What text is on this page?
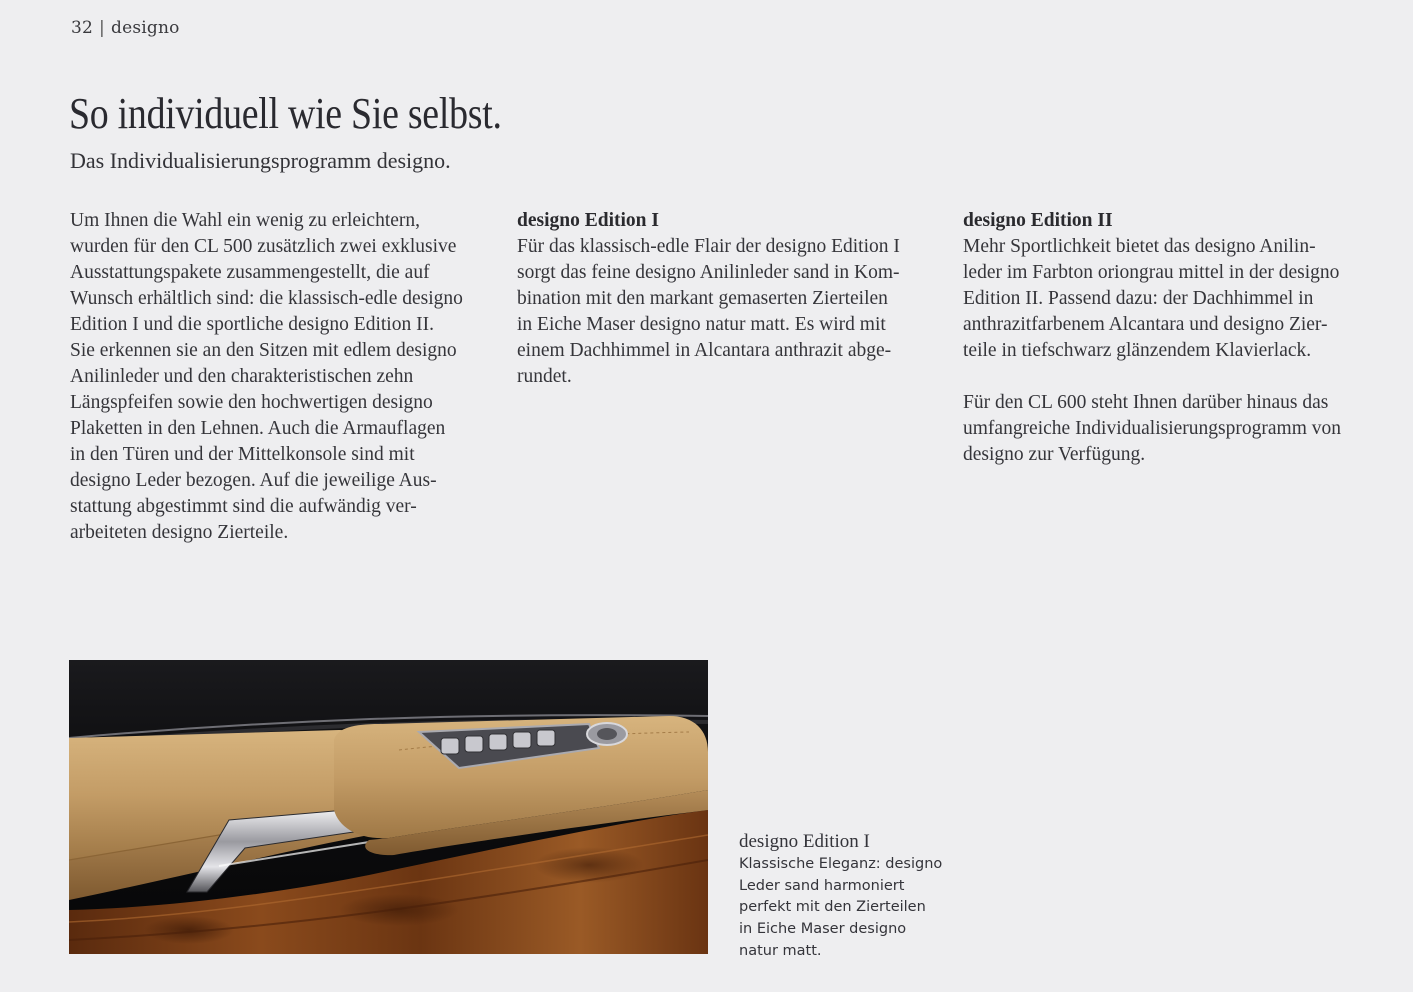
32 | designo
So individuell wie Sie selbst.
Das Individualisierungsprogramm designo.

Um Ihnen die Wahl ein wenig zu erleichtern,

wurden für den CL 500 zusätzlich zwei exklusive

Ausstattungspakete zusammengestellt, die auf

Wunsch erhältlich sind: die klassisch-edle designo

Edition I und die sportliche designo Edition II.

Sie erkennen sie an den Sitzen mit edlem designo

Anilinleder und den charakteristischen zehn

Längspfeifen sowie den hochwertigen designo

Plaketten in den Lehnen. Auch die Armauflagen

in den Türen und der Mittelkonsole sind mit

designo Leder bezogen. Auf die jeweilige Aus-

stattung abgestimmt sind die aufwändig ver-

arbeiteten designo Zierteile.

designo Edition I

Für das klassisch-edle Flair der designo Edition I

sorgt das feine designo Anilinleder sand in Kom-

bination mit den markant gemaserten Zierteilen

in Eiche Maser designo natur matt. Es wird mit

einem Dachhimmel in Alcantara anthrazit abge-

rundet.

designo Edition II

Mehr Sportlichkeit bietet das designo Anilin-

leder im Farbton oriongrau mittel in der designo

Edition II. Passend dazu: der Dachhimmel in

anthrazitfarbenem Alcantara und designo Zier-

teile in tiefschwarz glänzendem Klavierlack.

Für den CL 600 steht Ihnen darüber hinaus das

umfangreiche Individualisierungsprogramm von

designo zur Verfügung.

designo Edition I

Klassische Eleganz: designo

Leder sand harmoniert

perfekt mit den Zierteilen

in Eiche Maser designo

natur matt.
